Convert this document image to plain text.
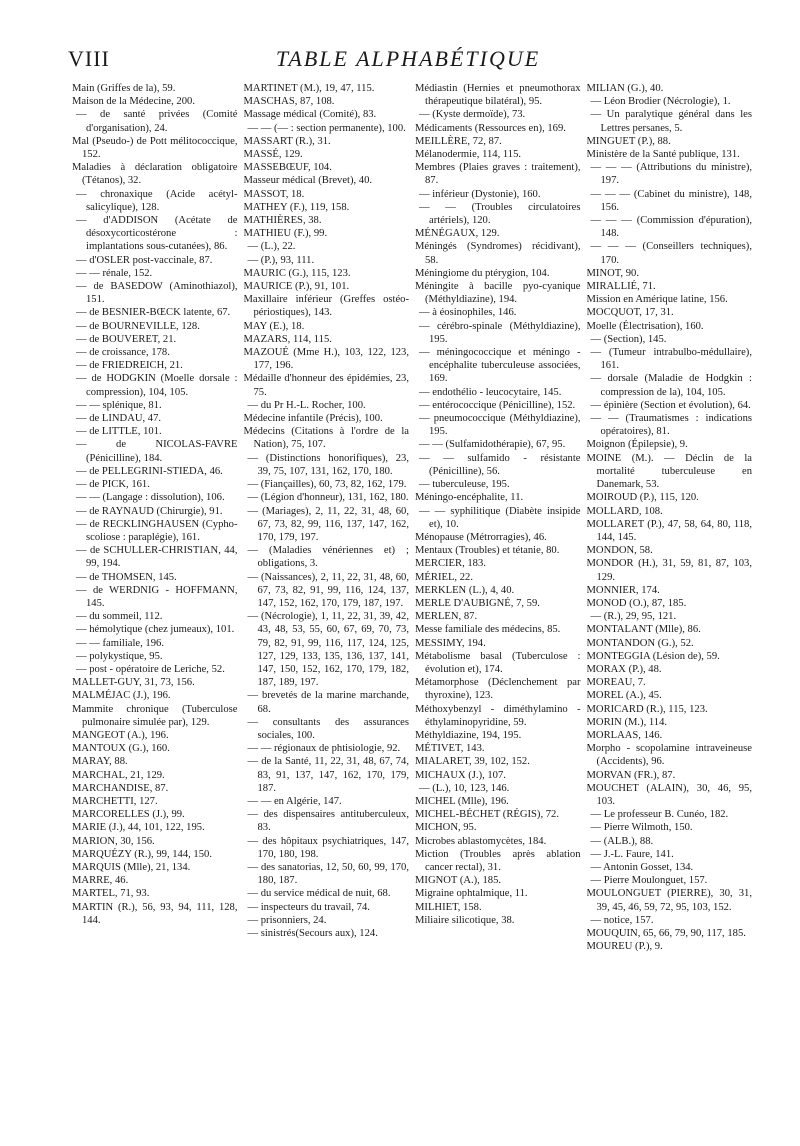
VIII	TABLE ALPHABÉTIQUE

Main (Griffes de la), 59.

Maison de la Médecine, 200.

— de santé privées (Comité d'organisation), 24.

Mal (Pseudo-) de Pott mélitococcique, 152.

Maladies à déclaration obligatoire (Tétanos), 32.

— chronaxique (Acide acétyl-salicylique), 128.

— d'ADDISON (Acétate de désoxycorticostérone : implantations sous-cutanées), 86.

— d'OSLER post-vaccinale, 87.

— — rénale, 152.

— de BASEDOW (Aminothiazol), 151.

— de BESNIER-BŒCK latente, 67.

— de BOURNEVILLE, 128.

— de BOUVERET, 21.

— de croissance, 178.

— de FRIEDREICH, 21.

— de HODGKIN (Moelle dorsale : compression), 104, 105.

— — splénique, 81.

— de LINDAU, 47.

— de LITTLE, 101.

— de NICOLAS-FAVRE (Pénicilline), 184.

— de PELLEGRINI-STIEDA, 46.

— de PICK, 161.

— — (Langage : dissolution), 106.

— de RAYNAUD (Chirurgie), 91.

— de RECKLINGHAUSEN (Cypho-scoliose : paraplégie), 161.

— de SCHULLER-CHRISTIAN, 44, 99, 194.

— de THOMSEN, 145.

— de WERDNIG - HOFFMANN, 145.

— du sommeil, 112.

— hémolytique (chez jumeaux), 101.

— — familiale, 196.

— polykystique, 95.

— post - opératoire de Leriche, 52.

MALLET-GUY, 31, 73, 156.

MALMÉJAC (J.), 196.

Mammite chronique (Tuberculose pulmonaire simulée par), 129.

MANGEOT (A.), 196.

MANTOUX (G.), 160.

MARAY, 88.

MARCHAL, 21, 129.

MARCHANDISE, 87.

MARCHETTI, 127.

MARCORELLES (J.), 99.

MARIE (J.), 44, 101, 122, 195.

MARION, 30, 156.

MARQUÉZY (R.), 99, 144, 150.

MARQUIS (Mlle), 21, 134.

MARRE, 46.

MARTEL, 71, 93.

MARTIN (R.), 56, 93, 94, 111, 128, 144.

MARTINET (M.), 19, 47, 115.

MASCHAS, 87, 108.

Massage médical (Comité), 83.

— — (— : section permanente), 100.

MASSART (R.), 31.

MASSÉ, 129.

MASSEBŒUF, 104.

Masseur médical (Brevet), 40.

MASSOT, 18.

MATHEY (F.), 119, 158.

MATHIÈRES, 38.

MATHIEU (F.), 99.

— (L.), 22.

— (P.), 93, 111.

MAURIC (G.), 115, 123.

MAURICE (P.), 91, 101.

Maxillaire inférieur (Greffes ostéo-périostiques), 143.

MAY (E.), 18.

MAZARS, 114, 115.

MAZOUÉ (Mme H.), 103, 122, 123, 177, 196.

Médaille d'honneur des épidémies, 23, 75.

— du Pr H.-L. Rocher, 100.

Médecine infantile (Précis), 100.

Médecins (Citations à l'ordre de la Nation), 75, 107.

— (Distinctions honorifiques), 23, 39, 75, 107, 131, 162, 170, 180.

— (Fiançailles), 60, 73, 82, 162, 179.

— (Légion d'honneur), 131, 162, 180.

— (Mariages), 2, 11, 22, 31, 48, 60, 67, 73, 82, 99, 116, 137, 147, 162, 170, 179, 197.

— (Maladies vénériennes et) ; obligations, 3.

— (Naissances), 2, 11, 22, 31, 48, 60, 67, 73, 82, 91, 99, 116, 124, 137, 147, 152, 162, 170, 179, 187, 197.

— (Nécrologie), 1, 11, 22, 31, 39, 42, 43, 48, 53, 55, 60, 67, 69, 70, 73, 79, 82, 91, 99, 116, 117, 124, 125, 127, 129, 133, 135, 136, 137, 141, 147, 150, 152, 162, 170, 179, 182, 187, 189, 197.

— brevetés de la marine marchande, 68.

— consultants des assurances sociales, 100.

— — régionaux de phtisiologie, 92.

— de la Santé, 11, 22, 31, 48, 67, 74, 83, 91, 137, 147, 162, 170, 179, 187.

— — en Algérie, 147.

— des dispensaires antituberculeux, 83.

— des hôpitaux psychiatriques, 147, 170, 180, 198.

— des sanatorias, 12, 50, 60, 99, 170, 180, 187.

— du service médical de nuit, 68.

— inspecteurs du travail, 74.

— prisonniers, 24.

— sinistrés(Secours aux), 124.

Médiastin (Hernies et pneumothorax thérapeutique bilatéral), 95.

— (Kyste dermoïde), 73.

Médicaments (Ressources en), 169.

MEILLÈRE, 72, 87.

Mélanodermie, 114, 115.

Membres (Plaies graves : traitement), 87.

— inférieur (Dystonie), 160.

— — (Troubles circulatoires artériels), 120.

MÉNÉGAUX, 129.

Méningés (Syndromes) récidivant), 58.

Méningiome du ptérygion, 104.

Méningite à bacille pyo-cyanique (Méthyldiazine), 194.

— à éosinophiles, 146.

— cérébro-spinale (Méthyldiazine), 195.

— méningococcique et méningo - encéphalite tuberculeuse associées, 169.

— endothélio - leucocytaire, 145.

— entérococcique (Pénicilline), 152.

— pneumococcique (Méthyldiazine), 195.

— — (Sulfamidothérapie), 67, 95.

— — sulfamido - résistante (Pénicilline), 56.

— tuberculeuse, 195.

Méningo-encéphalite, 11.

— — syphilitique (Diabète insipide et), 10.

Ménopause (Métrorragies), 46.

Mentaux (Troubles) et tétanie, 80.

MERCIER, 183.

MÉRIEL, 22.

MERKLEN (L.), 4, 40.

MERLE D'AUBIGNÉ, 7, 59.

MERLEN, 87.

Messe familiale des médecins, 85.

MESSIMY, 194.

Métabolisme basal (Tuberculose : évolution et), 174.

Métamorphose (Déclenchement par thyroxine), 123.

Méthoxybenzyl - diméthylamino - éthylaminopyridine, 59.

Méthyldiazine, 194, 195.

MÉTIVET, 143.

MIALARET, 39, 102, 152.

MICHAUX (J.), 107.

— (L.), 10, 123, 146.

MICHEL (Mlle), 196.

MICHEL-BÉCHET (RÉGIS), 72.

MICHON, 95.

Microbes ablastomycètes, 184.

Miction (Troubles après ablation cancer rectal), 31.

MIGNOT (A.), 185.

Migraine ophtalmique, 11.

MILHIET, 158.

Miliaire silicotique, 38.

MILIAN (G.), 40.

— Léon Brodier (Nécrologie), 1.

— Un paralytique général dans les Lettres persanes, 5.

MINGUET (P.), 88.

Ministère de la Santé publique, 131.

— — — (Attributions du ministre), 197.

— — — (Cabinet du ministre), 148, 156.

— — — (Commission d'épuration), 148.

— — — (Conseillers techniques), 170.

MINOT, 90.

MIRALLIÉ, 71.

Mission en Amérique latine, 156.

MOCQUOT, 17, 31.

Moelle (Électrisation), 160.

— (Section), 145.

— (Tumeur intrabulbo-médullaire), 161.

— dorsale (Maladie de Hodgkin : compression de la), 104, 105.

— épinière (Section et évolution), 64.

— — (Traumatismes : indications opératoires), 81.

Moignon (Épilepsie), 9.

MOINE (M.). — Déclin de la mortalité tuberculeuse en Danemark, 53.

MOIROUD (P.), 115, 120.

MOLLARD, 108.

MOLLARET (P.), 47, 58, 64, 80, 118, 144, 145.

MONDON, 58.

MONDOR (H.), 31, 59, 81, 87, 103, 129.

MONNIER, 174.

MONOD (O.), 87, 185.

— (R.), 29, 95, 121.

MONTALANT (Mlle), 86.

MONTANDON (G.), 52.

MONTEGGIA (Lésion de), 59.

MORAX (P.), 48.

MOREAU, 7.

MOREL (A.), 45.

MORICARD (R.), 115, 123.

MORIN (M.), 114.

MORLAAS, 146.

Morpho - scopolamine intraveineuse (Accidents), 96.

MORVAN (FR.), 87.

MOUCHET (ALAIN), 30, 46, 95, 103.

— Le professeur B. Cunéo, 182.

— Pierre Wilmoth, 150.

— (ALB.), 88.

— J.-L. Faure, 141.

— Antonin Gosset, 134.

— Pierre Moulonguet, 157.

MOULONGUET (PIERRE), 30, 31, 39, 45, 46, 59, 72, 95, 103, 152.

— notice, 157.

MOUQUIN, 65, 66, 79, 90, 117, 185.

MOUREU (P.), 9.
